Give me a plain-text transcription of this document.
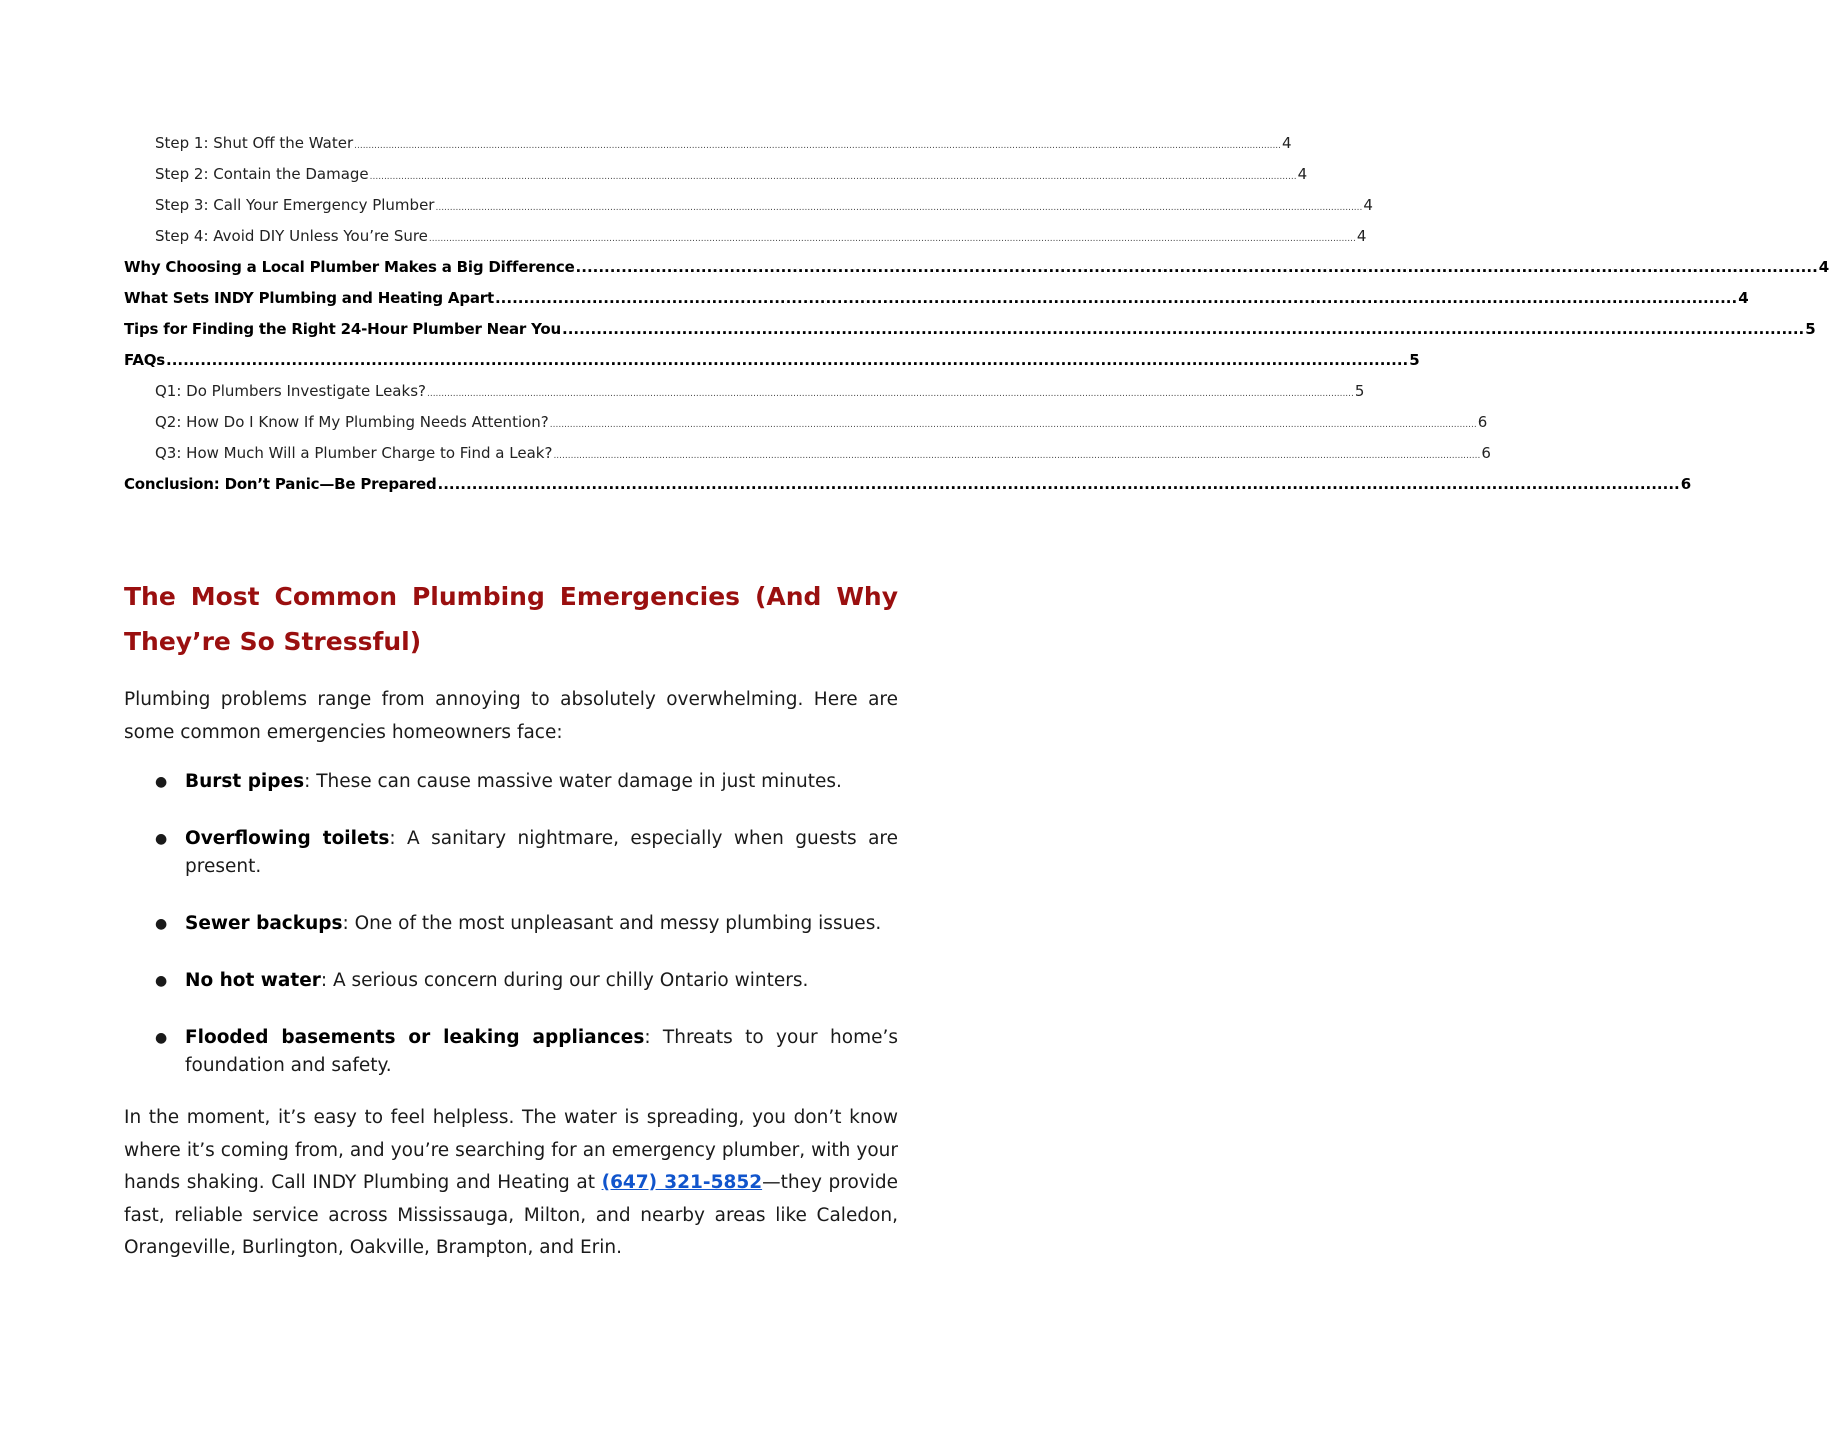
Step 1: Shut Off the Water .................................................................................................................................................................................................................................................................................................................................... 4
Step 2: Contain the Damage .................................................................................................................................................................................................................................................................................................................................... 4
Step 3: Call Your Emergency Plumber .................................................................................................................................................................................................................................................................................................................................... 4
Step 4: Avoid DIY Unless You’re Sure .................................................................................................................................................................................................................................................................................................................................... 4
Why Choosing a Local Plumber Makes a Big Difference .......................................................................................................................................................................................................................... 4
What Sets INDY Plumbing and Heating Apart .......................................................................................................................................................................................................................... 4
Tips for Finding the Right 24-Hour Plumber Near You .......................................................................................................................................................................................................................... 5
FAQs .......................................................................................................................................................................................................................... 5
Q1: Do Plumbers Investigate Leaks? .................................................................................................................................................................................................................................................................................................................................... 5
Q2: How Do I Know If My Plumbing Needs Attention? .................................................................................................................................................................................................................................................................................................................................... 6
Q3: How Much Will a Plumber Charge to Find a Leak? .................................................................................................................................................................................................................................................................................................................................... 6
Conclusion: Don’t Panic—Be Prepared .......................................................................................................................................................................................................................... 6
The Most Common Plumbing Emergencies (And Why They’re So Stressful)

Plumbing problems range from annoying to absolutely overwhelming. Here are some common emergencies homeowners face:

● Burst pipes: These can cause massive water damage in just minutes.
● Overflowing toilets: A sanitary nightmare, especially when guests are present.
● Sewer backups: One of the most unpleasant and messy plumbing issues.
● No hot water: A serious concern during our chilly Ontario winters.
● Flooded basements or leaking appliances: Threats to your home’s foundation and safety.

In the moment, it’s easy to feel helpless. The water is spreading, you don’t know where it’s coming from, and you’re searching for an emergency plumber, with your hands shaking. Call INDY Plumbing and Heating at (647) 321-5852—they provide fast, reliable service across Mississauga, Milton, and nearby areas like Caledon, Orangeville, Burlington, Oakville, Brampton, and Erin.
